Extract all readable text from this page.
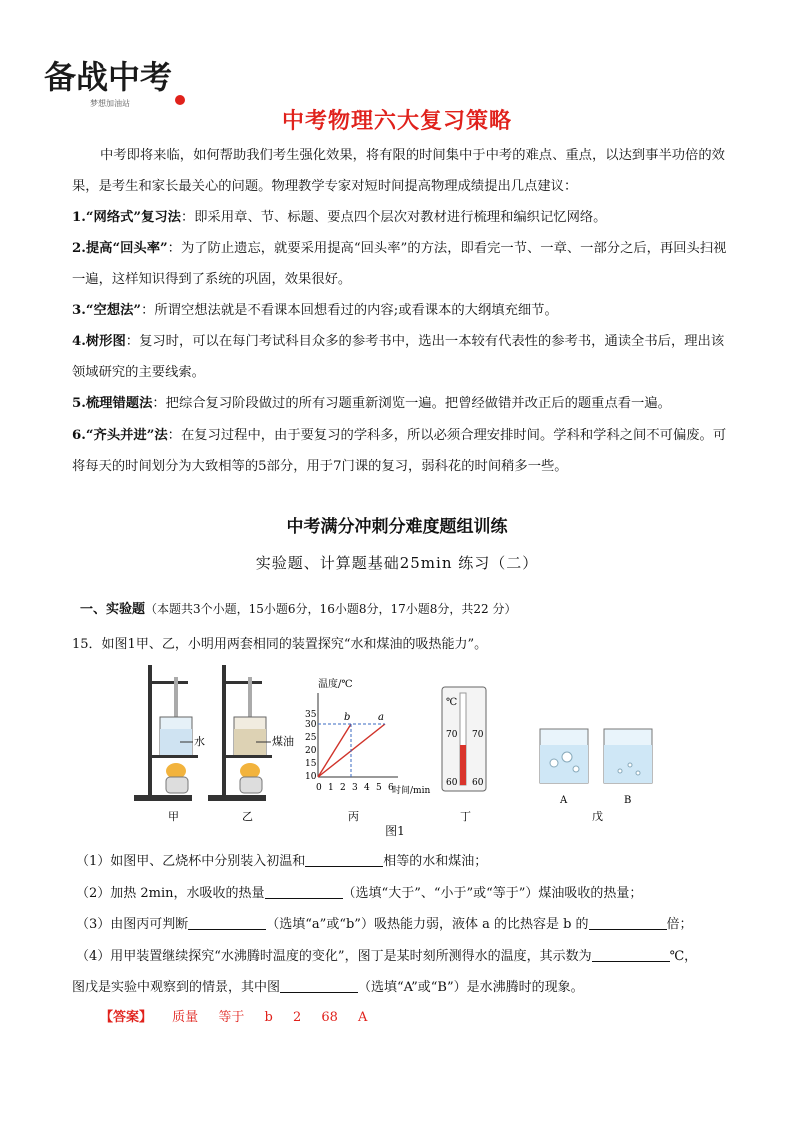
备战中考
梦想加油站
中考物理六大复习策略
中考即将来临，如何帮助我们考生强化效果，将有限的时间集中于中考的难点、重点，以达到事半功倍的效果，是考生和家长最关心的问题。物理教学专家对短时间提高物理成绩提出几点建议：
1.“网络式”复习法：即采用章、节、标题、要点四个层次对教材进行梳理和编织记忆网络。
2.提高“回头率”：为了防止遗忘，就要采用提高“回头率”的方法，即看完一节、一章、一部分之后，再回头扫视一遍，这样知识得到了系统的巩固，效果很好。
3.“空想法”：所谓空想法就是不看课本回想看过的内容;或看课本的大纲填充细节。
4.树形图：复习时，可以在每门考试科目众多的参考书中，选出一本较有代表性的参考书，通读全书后，理出该领域研究的主要线索。
5.梳理错题法：把综合复习阶段做过的所有习题重新浏览一遍。把曾经做错并改正后的题重点看一遍。
6.“齐头并进”法：在复习过程中，由于要复习的学科多，所以必须合理安排时间。学科和学科之间不可偏废。可将每天的时间划分为大致相等的5部分，用于7门课的复习，弱科花的时间稍多一些。
中考满分冲刺分难度题组训练
实验题、计算题基础25min 练习（二）
一、实验题（本题共3个小题，15小题6分，16小题8分，17小题8分，共22 分）
15．如图1甲、乙，小明用两套相同的装置探究“水和煤油的吸热能力”。
水	煤油
温度/℃
35
30
25
20
15
10
0 1 2 3 4 5 6
时间/min
b	a
℃
70 70
60 60
A	B
甲	乙	丙	丁	戊
图1
（1）如图甲、乙烧杯中分别装入初温和	相等的水和煤油；
（2）加热 2min，水吸收的热量	（选填“大于”、“小于”或“等于”）煤油吸收的热量；
（3）由图丙可判断	（选填“a”或“b”）吸热能力弱，液体 a 的比热容是 b 的	倍；
（4）用甲装置继续探究“水沸腾时温度的变化”，图丁是某时刻所测得水的温度，其示数为	℃，
图戊是实验中观察到的情景，其中图	（选填“A”或“B”）是水沸腾时的现象。
【答案】 质量 等于 b 2 68 A
